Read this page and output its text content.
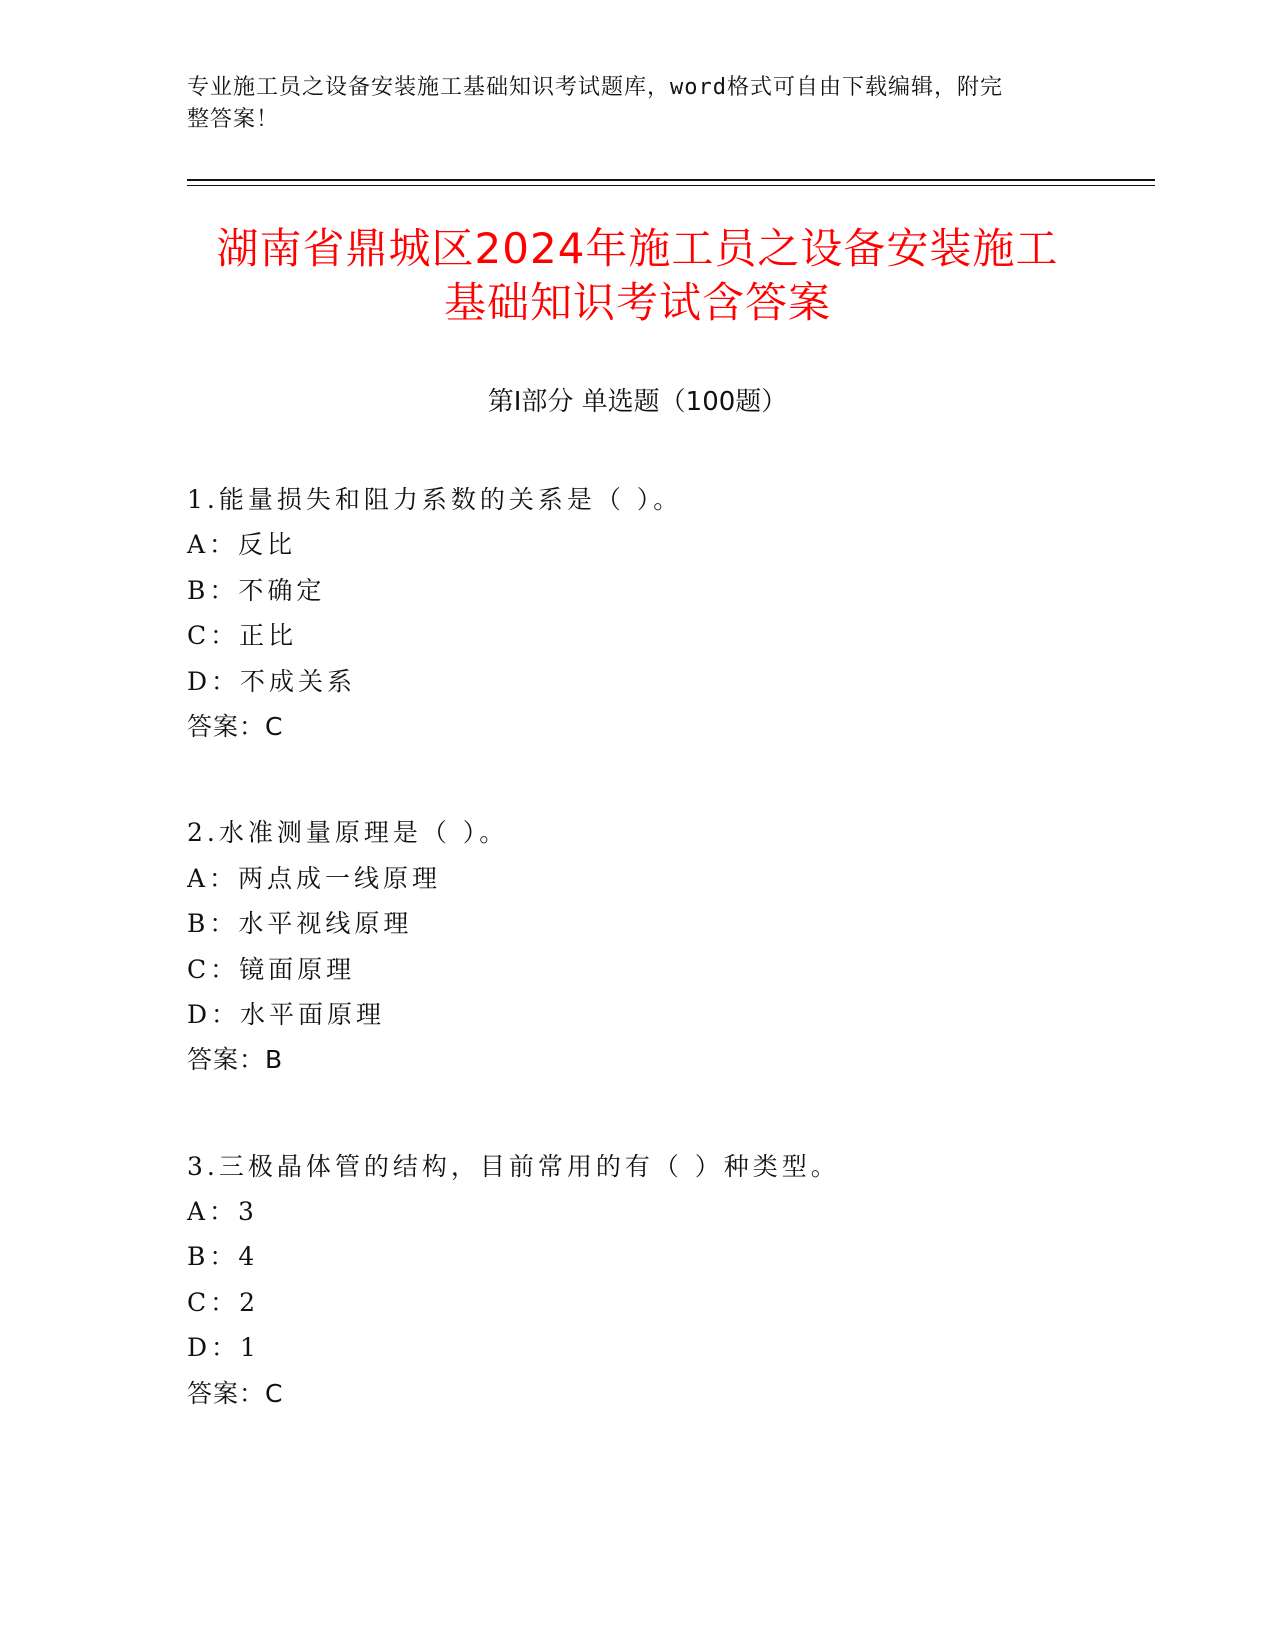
专业施工员之设备安装施工基础知识考试题库，word格式可自由下载编辑，附完
整答案！
湖南省鼎城区2024年施工员之设备安装施工
基础知识考试含答案
第Ⅰ部分 单选题（100题）
1.能量损失和阻力系数的关系是（ ）。
A：反比
B：不确定
C：正比
D：不成关系
答案：C
2.水准测量原理是（ ）。
A：两点成一线原理
B：水平视线原理
C：镜面原理
D：水平面原理
答案：B
3.三极晶体管的结构，目前常用的有（ ）种类型。
A：3
B：4
C：2
D：1
答案：C
